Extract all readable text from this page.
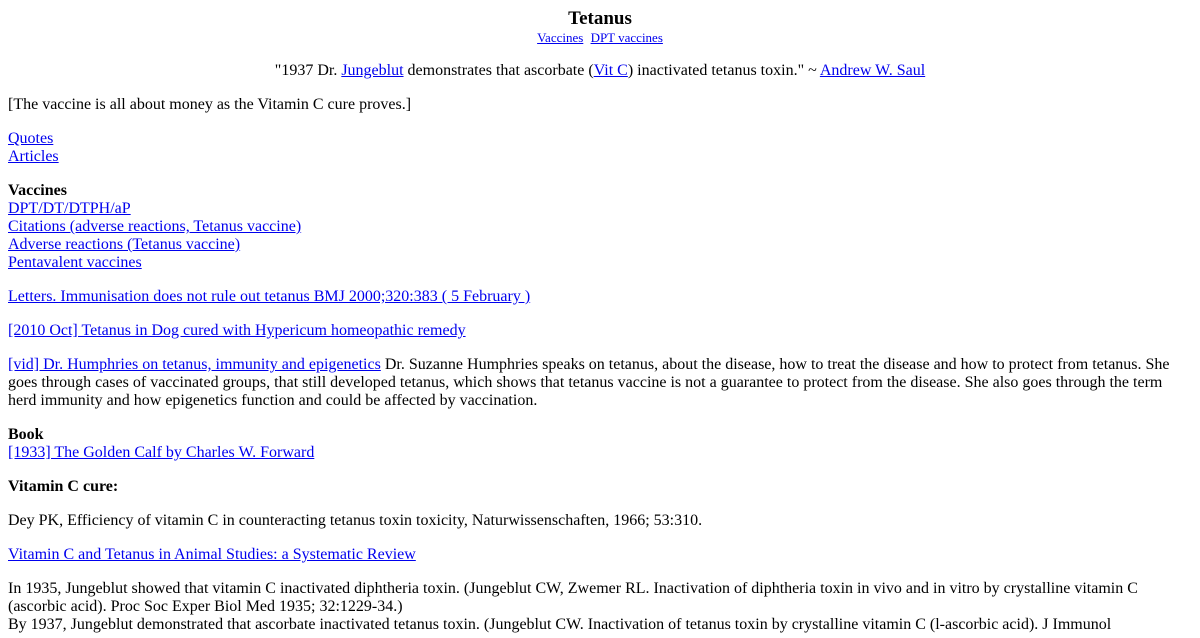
Tetanus
Vaccines DPT vaccines
"1937 Dr. Jungeblut demonstrates that ascorbate (Vit C) inactivated tetanus toxin." ~ Andrew W. Saul

[The vaccine is all about money as the Vitamin C cure proves.]

Quotes
Articles
Vaccines
DPT/DT/DTPH/aP
Citations (adverse reactions, Tetanus vaccine)
Adverse reactions (Tetanus vaccine)
Pentavalent vaccines

Letters. Immunisation does not rule out tetanus BMJ 2000;320:383 ( 5 February )

[2010 Oct] Tetanus in Dog cured with Hypericum homeopathic remedy

[vid] Dr. Humphries on tetanus, immunity and epigenetics Dr. Suzanne Humphries speaks on tetanus, about the disease, how to treat the disease and how to protect from tetanus. She goes through cases of vaccinated groups, that still developed tetanus, which shows that tetanus vaccine is not a guarantee to protect from the disease. She also goes through the term herd immunity and how epigenetics function and could be affected by vaccination.

Book
[1933] The Golden Calf by Charles W. Forward

Vitamin C cure:

Dey PK, Efficiency of vitamin C in counteracting tetanus toxin toxicity, Naturwissenschaften, 1966; 53:310.

Vitamin C and Tetanus in Animal Studies: a Systematic Review

In 1935, Jungeblut showed that vitamin C inactivated diphtheria toxin. (Jungeblut CW, Zwemer RL. Inactivation of diphtheria toxin in vivo and in vitro by crystalline vitamin C (ascorbic acid). Proc Soc Exper Biol Med 1935; 32:1229-34.)

By 1937, Jungeblut demonstrated that ascorbate inactivated tetanus toxin. (Jungeblut CW. Inactivation of tetanus toxin by crystalline vitamin C (l-ascorbic acid). J Immunol
